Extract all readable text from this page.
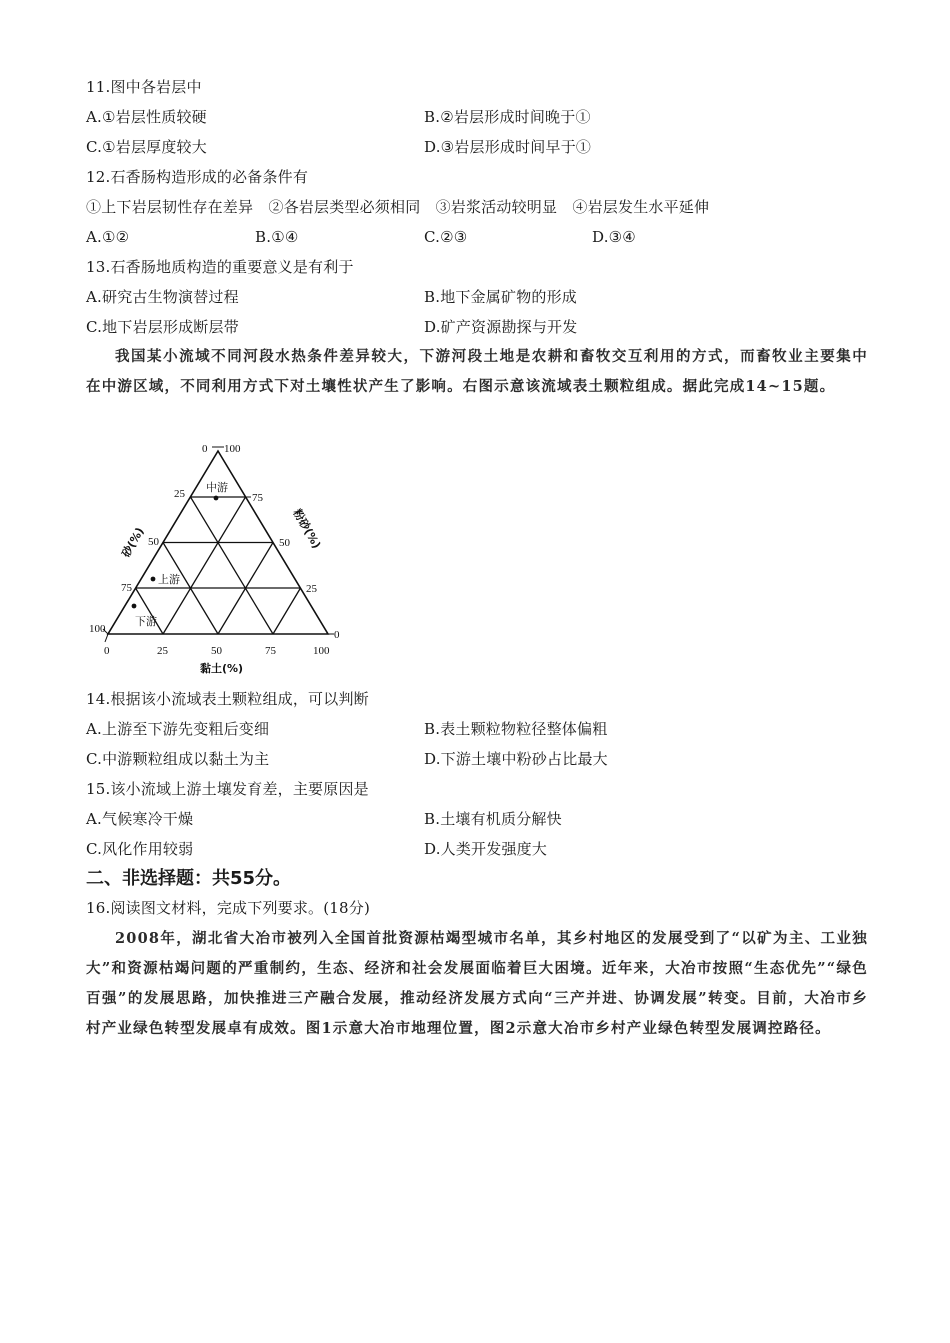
11.图中各岩层中
A.①岩层性质较硬	B.②岩层形成时间晚于①
C.①岩层厚度较大	D.③岩层形成时间早于①
12.石香肠构造形成的必备条件有
①上下岩层韧性存在差异　②各岩层类型必须相同　③岩浆活动较明显　④岩层发生水平延伸
A.①②	B.①④	C.②③	D.③④
13.石香肠地质构造的重要意义是有利于
A.研究古生物演替过程	B.地下金属矿物的形成
C.地下岩层形成断层带	D.矿产资源勘探与开发
我国某小流域不同河段水热条件差异较大，下游河段土地是农耕和畜牧交互利用的方式，而畜牧业主要集中在中游区域，不同利用方式下对土壤性状产生了影响。右图示意该流域表土颗粒组成。据此完成14~15题。
0 100
25
50
75
100
75
50
25
0
0	25	50	75	100
砂(%)	粉砂(%)
黏土(%)
中游
上游
下游
14.根据该小流域表土颗粒组成，可以判断
A.上游至下游先变粗后变细	B.表土颗粒物粒径整体偏粗
C.中游颗粒组成以黏土为主	D.下游土壤中粉砂占比最大
15.该小流域上游土壤发育差，主要原因是
A.气候寒冷干燥	B.土壤有机质分解快
C.风化作用较弱	D.人类开发强度大
二、非选择题：共55分。
16.阅读图文材料，完成下列要求。(18分)
2008年，湖北省大冶市被列入全国首批资源枯竭型城市名单，其乡村地区的发展受到了“以矿为主、工业独大”和资源枯竭问题的严重制约，生态、经济和社会发展面临着巨大困境。近年来，大冶市按照“生态优先”“绿色百强”的发展思路，加快推进三产融合发展，推动经济发展方式向“三产并进、协调发展”转变。目前，大冶市乡村产业绿色转型发展卓有成效。图1示意大冶市地理位置，图2示意大冶市乡村产业绿色转型发展调控路径。
